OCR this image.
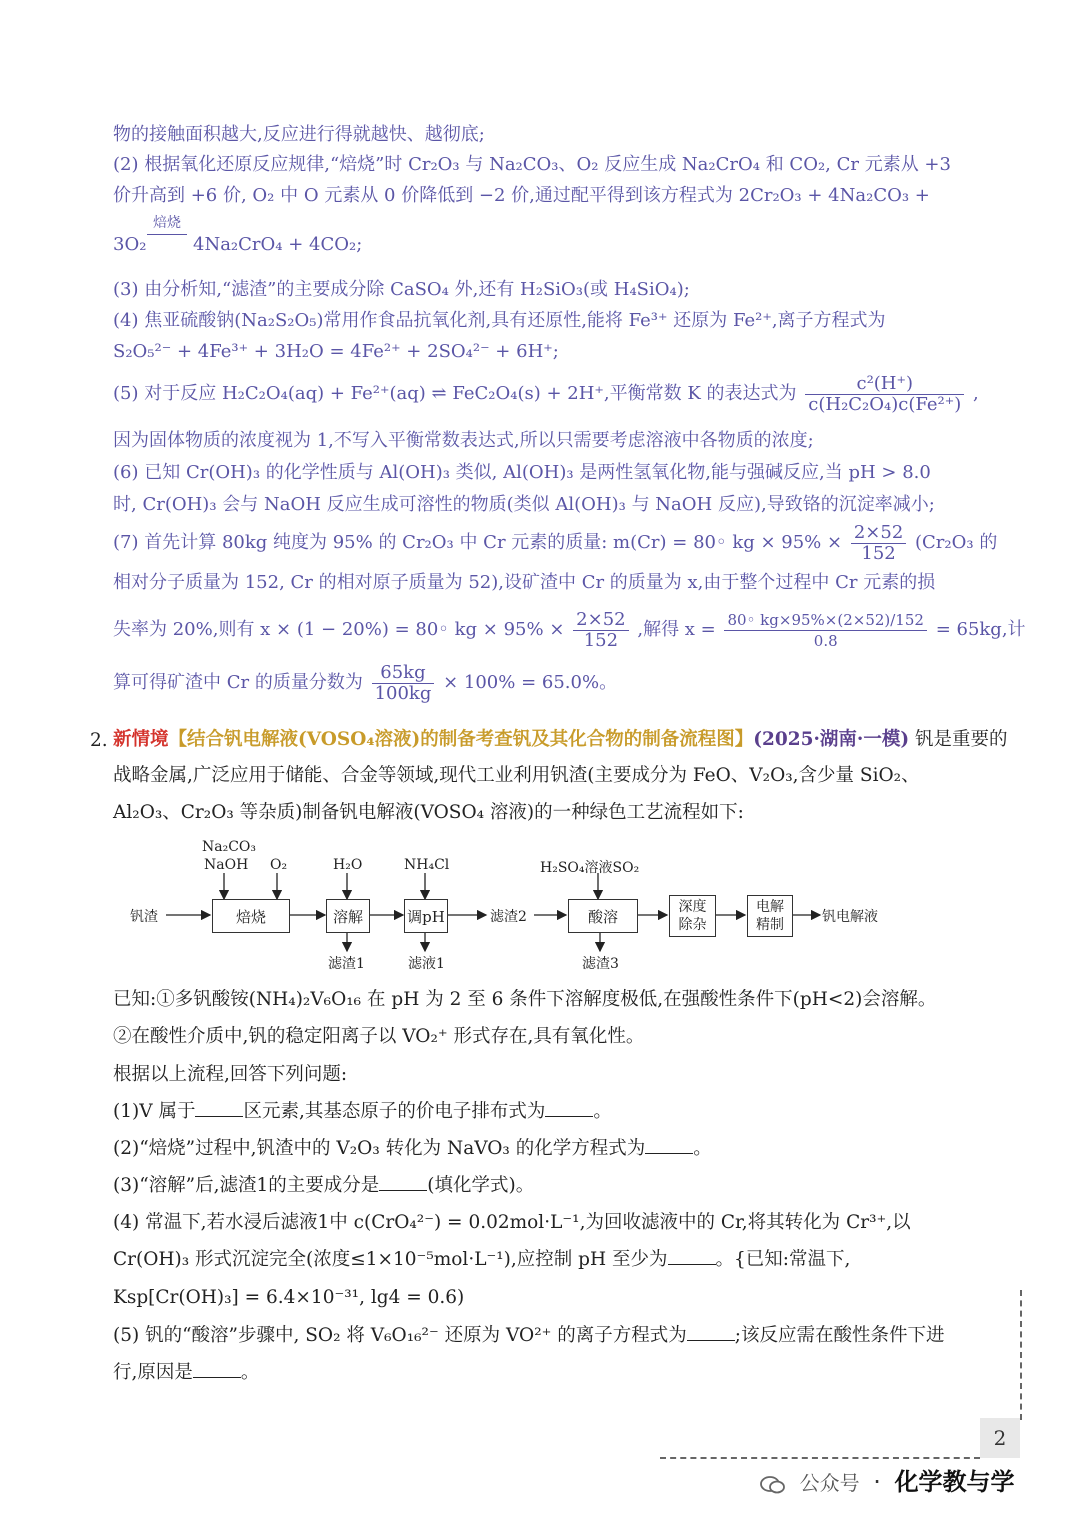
物的接触面积越大,反应进行得就越快、越彻底;
(2) 根据氧化还原反应规律,“焙烧”时 Cr₂O₃ 与 Na₂CO₃、O₂ 反应生成 Na₂CrO₄ 和 CO₂, Cr 元素从 +3
价升高到 +6 价, O₂ 中 O 元素从 0 价降低到 −2 价,通过配平得到该方程式为 2Cr₂O₃ + 4Na₂CO₃ +
3O₂
焙烧
4Na₂CrO₄ + 4CO₂;
(3) 由分析知,“滤渣”的主要成分除 CaSO₄ 外,还有 H₂SiO₃(或 H₄SiO₄);
(4) 焦亚硫酸钠(Na₂S₂O₅)常用作食品抗氧化剂,具有还原性,能将 Fe³⁺ 还原为 Fe²⁺,离子方程式为
S₂O₅²⁻ + 4Fe³⁺ + 3H₂O = 4Fe²⁺ + 2SO₄²⁻ + 6H⁺;
(5) 对于反应 H₂C₂O₄(aq) + Fe²⁺(aq) ⇌ FeC₂O₄(s) + 2H⁺,平衡常数 K 的表达式为 $\frac{\text{c²(H⁺)}}{\text{c(H₂C₂O₄)c(Fe²⁺)}}$ ,
因为固体物质的浓度视为 1,不写入平衡常数表达式,所以只需要考虑溶液中各物质的浓度;
(6) 已知 Cr(OH)₃ 的化学性质与 Al(OH)₃ 类似, Al(OH)₃ 是两性氢氧化物,能与强碱反应,当 pH > 8.0
时, Cr(OH)₃ 会与 NaOH 反应生成可溶性的物质(类似 Al(OH)₃ 与 NaOH 反应),导致铬的沉淀率减小;
(7) 首先计算 80kg 纯度为 95% 的 Cr₂O₃ 中 Cr 元素的质量: m(Cr) = 80◦ kg × $95\% \times \frac{2\times 52}{152} (Cr_2O_3$ 的
相对分子质量为 152, Cr 的相对原子质量为 52),设矿渣中 Cr 的质量为 x,由于整个过程中 Cr 元素的损
失率为 20%,则有 x × (1 − 20%) = 80◦ kg × $95\% \times \frac{2\times 52}{152}$ ,解得 $x = \frac{80◦ kg\times 95\%\times(2\times 52)/152}{0.8} = 65kg$,计
算可得矿渣中 Cr 的质量分数为 $\frac{65kg}{100kg} \times 100\% = 65.0\%$。
2. 新情境【结合钒电解液(VOSO₄溶液)的制备考查钒及其化合物的制备流程图】(2025·湖南·一模) 钒是重要的
战略金属,广泛应用于储能、合金等领域,现代工业利用钒渣(主要成分为 FeO、V₂O₃,含少量 SiO₂、
Al₂O₃、Cr₂O₃ 等杂质)制备钒电解液(VOSO₄ 溶液)的一种绿色工艺流程如下:
钒渣	焙烧
Na₂CO₃
NaOH O₂
溶解
H₂O
滤渣1
调pH
NH₄Cl
滤液1
滤渣2	酸溶
H₂SO₄溶液SO₂
滤渣3
深度
除杂
电解
精制	钒电解液
已知:①多钒酸铵(NH₄)₂V₆O₁₆ 在 pH 为 2 至 6 条件下溶解度极低,在强酸性条件下(pH<2)会溶解。
②在酸性介质中,钒的稳定阳离子以 VO₂⁺ 形式存在,具有氧化性。
根据以上流程,回答下列问题:
(1)V 属于	区元素,其基态原子的价电子排布式为	。
(2)“焙烧”过程中,钒渣中的 V₂O₃ 转化为 NaVO₃ 的化学方程式为	。
(3)“溶解”后,滤渣1的主要成分是	(填化学式)。
(4) 常温下,若水浸后滤液1中 c(CrO₄²⁻) = 0.02mol·L⁻¹,为回收滤液中的 Cr,将其转化为 Cr³⁺,以
Cr(OH)₃ 形式沉淀完全(浓度≤1×10⁻⁵mol·L⁻¹),应控制 pH 至少为	。{已知:常温下,
Ksp[Cr(OH)₃] = 6.4×10⁻³¹, lg4 = 0.6)
(5) 钒的“酸溶”步骤中, SO₂ 将 V₆O₁₆²⁻ 还原为 VO²⁺ 的离子方程式为	;该反应需在酸性条件下进
行,原因是	。
2
公众号 · 化学教与学
